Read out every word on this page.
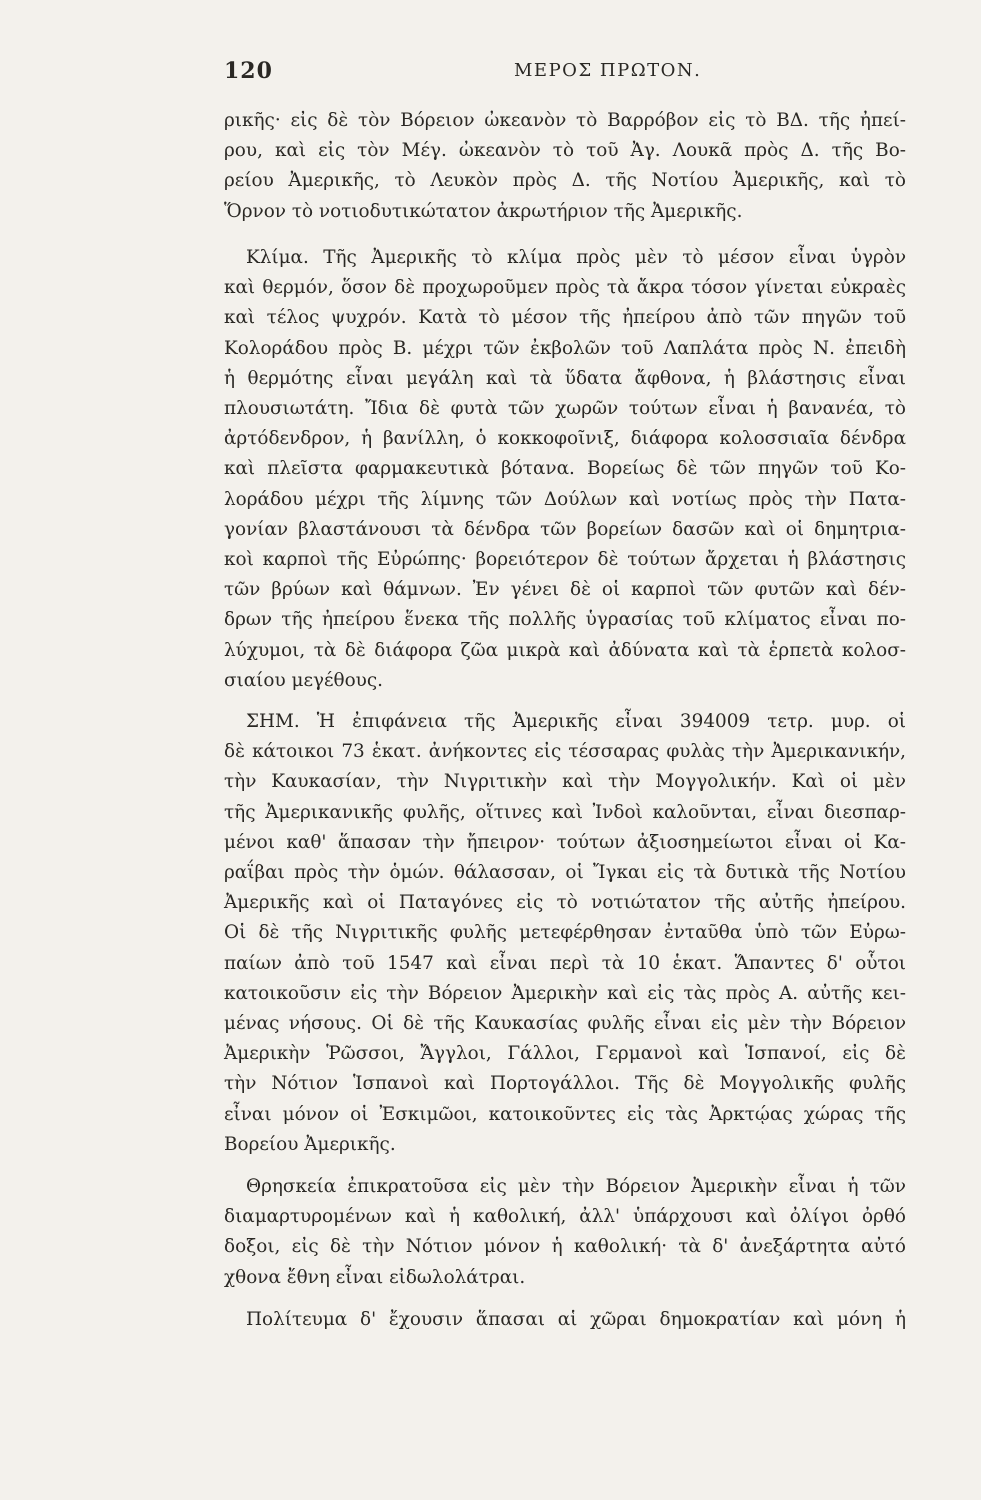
120	ΜΕΡΟΣ ΠΡΩΤΟΝ.
ρικῆς· εἰς δὲ τὸν Βόρειον ὠκεανὸν τὸ Βαρρόβον εἰς τὸ ΒΔ. τῆς ἠπεί-
ρου, καὶ εἰς τὸν Μέγ. ὠκεανὸν τὸ τοῦ Ἀγ. Λουκᾶ πρὸς Δ. τῆς Βο-
ρείου Ἀμερικῆς, τὸ Λευκὸν πρὸς Δ. τῆς Νοτίου Ἀμερικῆς, καὶ τὸ
Ὅρνον τὸ νοτιοδυτικώτατον ἀκρωτήριον τῆς Ἀμερικῆς.
Κλίμα. Τῆς Ἀμερικῆς τὸ κλίμα πρὸς μὲν τὸ μέσον εἶναι ὑγρὸν
καὶ θερμόν, ὅσον δὲ προχωροῦμεν πρὸς τὰ ἄκρα τόσον γίνεται εὐκραὲς
καὶ τέλος ψυχρόν. Κατὰ τὸ μέσον τῆς ἠπείρου ἀπὸ τῶν πηγῶν τοῦ
Κολοράδου πρὸς Β. μέχρι τῶν ἐκβολῶν τοῦ Λαπλάτα πρὸς Ν. ἐπειδὴ
ἡ θερμότης εἶναι μεγάλη καὶ τὰ ὕδατα ἄφθονα, ἡ βλάστησις εἶναι
πλουσιωτάτη. Ἴδια δὲ φυτὰ τῶν χωρῶν τούτων εἶναι ἡ βανανέα, τὸ
ἀρτόδενδρον, ἡ βανίλλη, ὁ κοκκοφοῖνιξ, διάφορα κολοσσιαῖα δένδρα
καὶ πλεῖστα φαρμακευτικὰ βότανα. Βορείως δὲ τῶν πηγῶν τοῦ Κο-
λοράδου μέχρι τῆς λίμνης τῶν Δούλων καὶ νοτίως πρὸς τὴν Πατα-
γονίαν βλαστάνουσι τὰ δένδρα τῶν βορείων δασῶν καὶ οἱ δημητρια-
κοὶ καρποὶ τῆς Εὐρώπης· βορειότερον δὲ τούτων ἄρχεται ἡ βλάστησις
τῶν βρύων καὶ θάμνων. Ἐν γένει δὲ οἱ καρποὶ τῶν φυτῶν καὶ δέν-
δρων τῆς ἠπείρου ἕνεκα τῆς πολλῆς ὑγρασίας τοῦ κλίματος εἶναι πο-
λύχυμοι, τὰ δὲ διάφορα ζῶα μικρὰ καὶ ἀδύνατα καὶ τὰ ἑρπετὰ κολοσ-
σιαίου μεγέθους.
ΣΗΜ. Ἡ ἐπιφάνεια τῆς Ἀμερικῆς εἶναι 394009 τετρ. μυρ. οἱ
δὲ κάτοικοι 73 ἑκατ. ἀνήκοντες εἰς τέσσαρας φυλὰς τὴν Ἀμερικανικήν,
τὴν Καυκασίαν, τὴν Νιγριτικὴν καὶ τὴν Μογγολικήν. Καὶ οἱ μὲν
τῆς Ἀμερικανικῆς φυλῆς, οἵτινες καὶ Ἰνδοὶ καλοῦνται, εἶναι διεσπαρ-
μένοι καθ' ἅπασαν τὴν ἤπειρον· τούτων ἀξιοσημείωτοι εἶναι οἱ Κα-
ραΐβαι πρὸς τὴν ὁμών. θάλασσαν, οἱ Ἴγκαι εἰς τὰ δυτικὰ τῆς Νοτίου
Ἀμερικῆς καὶ οἱ Παταγόνες εἰς τὸ νοτιώτατον τῆς αὐτῆς ἠπείρου.
Οἱ δὲ τῆς Νιγριτικῆς φυλῆς μετεφέρθησαν ἐνταῦθα ὑπὸ τῶν Εὐρω-
παίων ἀπὸ τοῦ 1547 καὶ εἶναι περὶ τὰ 10 ἑκατ. Ἅπαντες δ' οὗτοι
κατοικοῦσιν εἰς τὴν Βόρειον Ἀμερικὴν καὶ εἰς τὰς πρὸς Α. αὐτῆς κει-
μένας νήσους. Οἱ δὲ τῆς Καυκασίας φυλῆς εἶναι εἰς μὲν τὴν Βόρειον
Ἀμερικὴν Ῥῶσσοι, Ἄγγλοι, Γάλλοι, Γερμανοὶ καὶ Ἱσπανοί, εἰς δὲ
τὴν Νότιον Ἱσπανοὶ καὶ Πορτογάλλοι. Τῆς δὲ Μογγολικῆς φυλῆς
εἶναι μόνον οἱ Ἐσκιμῶοι, κατοικοῦντες εἰς τὰς Ἀρκτῴας χώρας τῆς
Βορείου Ἀμερικῆς.
Θρησκεία ἐπικρατοῦσα εἰς μὲν τὴν Βόρειον Ἀμερικὴν εἶναι ἡ τῶν
διαμαρτυρομένων καὶ ἡ καθολική, ἀλλ' ὑπάρχουσι καὶ ὀλίγοι ὀρθό
δοξοι, εἰς δὲ τὴν Νότιον μόνον ἡ καθολική· τὰ δ' ἀνεξάρτητα αὐτό
χθονα ἔθνη εἶναι εἰδωλολάτραι.
Πολίτευμα δ' ἔχουσιν ἅπασαι αἱ χῶραι δημοκρατίαν καὶ μόνη ἡ
